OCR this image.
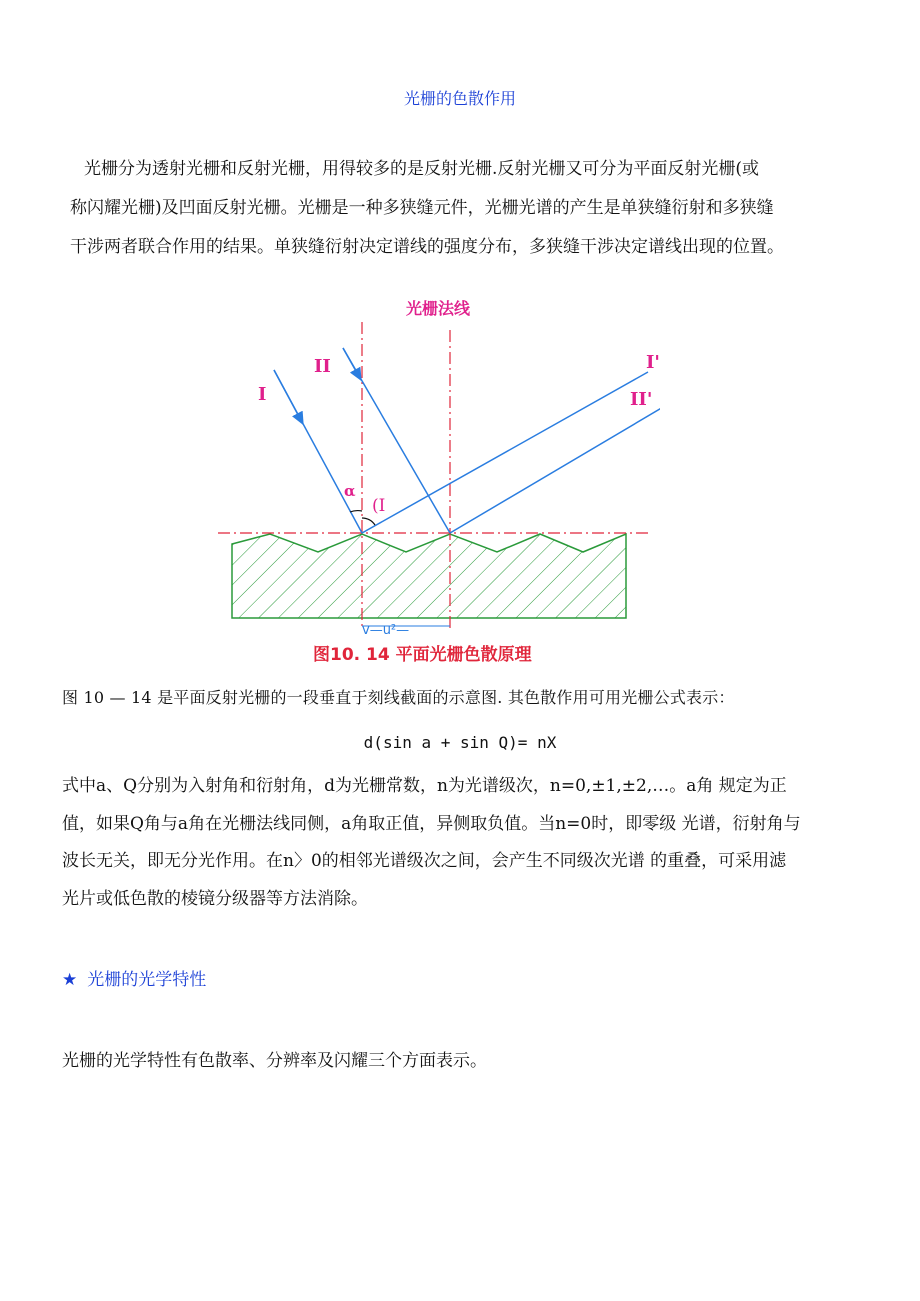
光栅的色散作用
光栅分为透射光栅和反射光栅，用得较多的是反射光栅.反射光栅又可分为平面反射光栅(或
称闪耀光栅)及凹面反射光栅。光栅是一种多狭缝元件，光栅光谱的产生是单狭缝衍射和多狭缝
干涉两者联合作用的结果。单狭缝衍射决定谱线的强度分布，多狭缝干涉决定谱线出现的位置。
光栅法线
I
II	I'
II'
α
(I
v—u²—
图10. 14 平面光栅色散原理
图 10 — 14 是平面反射光栅的一段垂直于刻线截面的示意图. 其色散作用可用光栅公式表示：
d(sin a + sin Q)= nX
式中a、Q分别为入射角和衍射角，d为光栅常数，n为光谱级次，n=0,±1,±2,…。a角 规定为正
值，如果Q角与a角在光栅法线同侧，a角取正值，异侧取负值。当n=0时，即零级 光谱，衍射角与
波长无关，即无分光作用。在n〉0的相邻光谱级次之间，会产生不同级次光谱 的重叠，可采用滤
光片或低色散的棱镜分级器等方法消除。
★ 光栅的光学特性
光栅的光学特性有色散率、分辨率及闪耀三个方面表示。
